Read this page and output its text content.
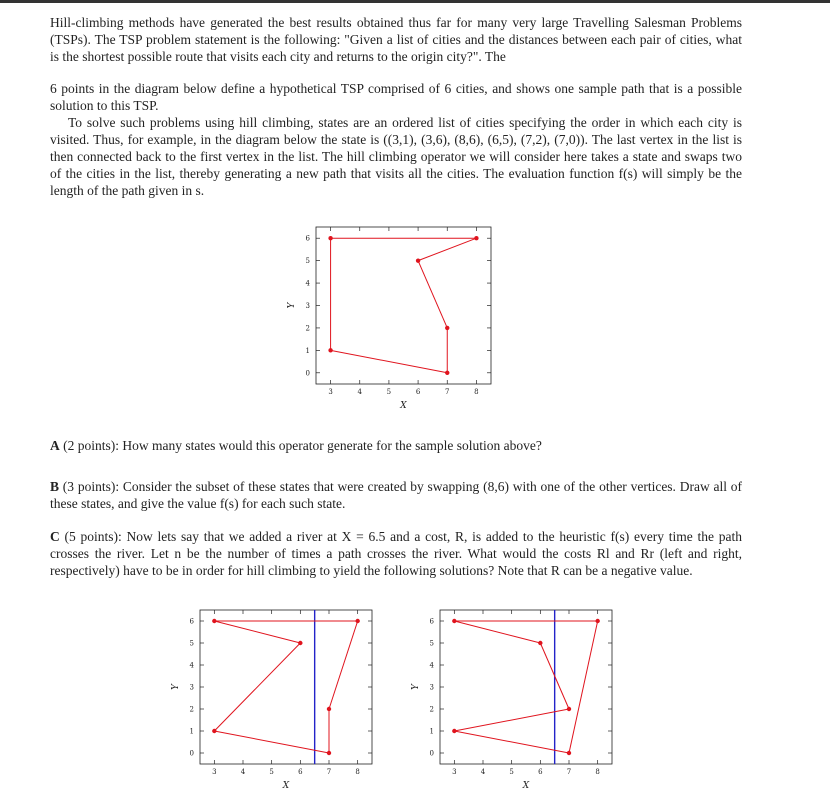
Hill-climbing methods have generated the best results obtained thus far for many very large Travelling Salesman Problems (TSPs). The TSP problem statement is the following: "Given a list of cities and the distances between each pair of cities, what is the shortest possible route that visits each city and returns to the origin city?". The

6 points in the diagram below define a hypothetical TSP comprised of 6 cities, and shows one sample path that is a possible solution to this TSP.

To solve such problems using hill climbing, states are an ordered list of cities specifying the order in which each city is visited. Thus, for example, in the diagram below the state is ((3,1), (3,6), (8,6), (6,5), (7,2), (7,0)). The last vertex in the list is then connected back to the first vertex in the list. The hill climbing operator we will consider here takes a state and swaps two of the cities in the list, thereby generating a new path that visits all the cities. The evaluation function f(s) will simply be the length of the path given in s.

3	4	5	6	7	8
0
1
2
3
4
5
6
X
Y

A (2 points): How many states would this operator generate for the sample solution above?

B (3 points): Consider the subset of these states that were created by swapping (8,6) with one of the other vertices. Draw all of these states, and give the value f(s) for each such state.

C (5 points): Now lets say that we added a river at X = 6.5 and a cost, R, is added to the heuristic f(s) every time the path crosses the river. Let n be the number of times a path crosses the river. What would the costs Rl and Rr (left and right, respectively) have to be in order for hill climbing to yield the following solutions? Note that R can be a negative value.

3	4	5	6	7	8
0
1
2
3
4
5
6
X
Y
3	4	5	6	7	8
0
1
2
3
4
5
6
X
Y
